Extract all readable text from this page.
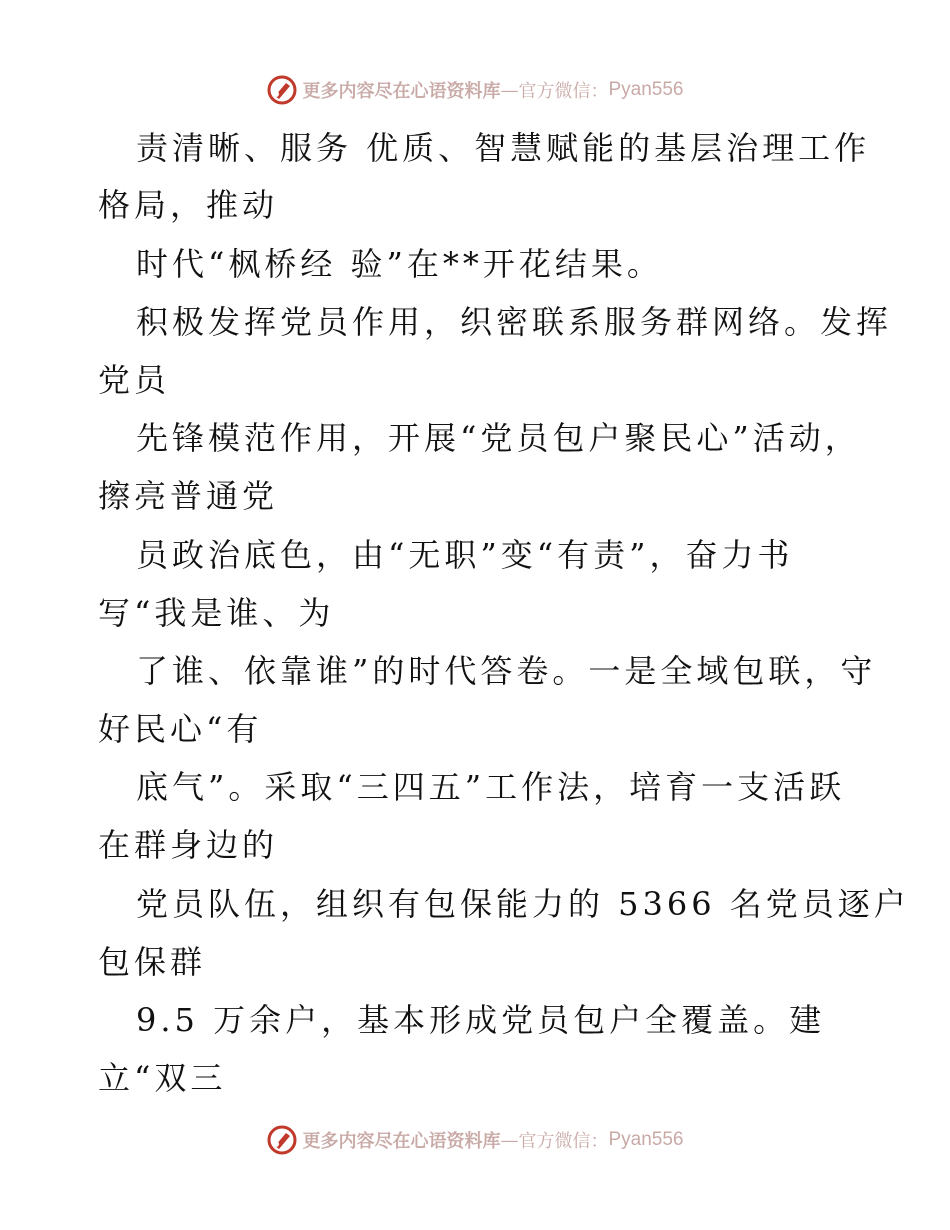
更多内容尽在心语资料库 — 官方微信： Pyan556
责清晰、服务 优质、智慧赋能的基层治理工作
格局，推动
时代“枫桥经 验”在**开花结果。
积极发挥党员作用，织密联系服务群网络。发挥
党员
先锋模范作用，开展“党员包户聚民心”活动，
擦亮普通党
员政治底色，由“无职”变“有责”，奋力书
写“我是谁、为
了谁、依靠谁”的时代答卷。一是全域包联，守
好民心“有
底气”。采取“三四五”工作法，培育一支活跃
在群身边的
党员队伍，组织有包保能力的 5366 名党员逐户
包保群
9.5 万余户，基本形成党员包户全覆盖。建
立“双三
更多内容尽在心语资料库 — 官方微信： Pyan556
